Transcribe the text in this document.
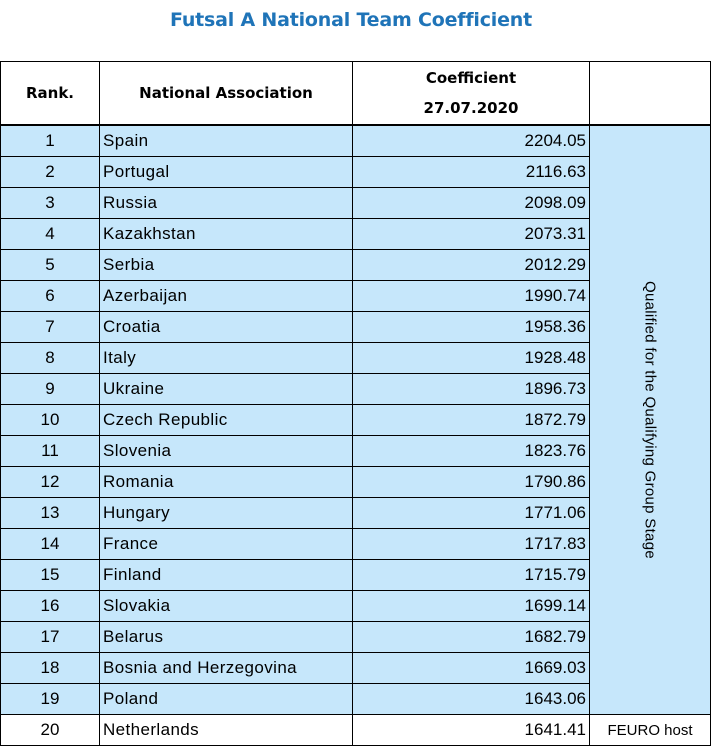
Futsal A National Team Coefficient
Rank.	National Association	Coefficient
27.07.2020	

1	Spain	2204.05	Qualified for the Qualifying Group Stage

2	Portugal	2116.63	
3	Russia	2098.09	
4	Kazakhstan	2073.31	
5	Serbia	2012.29	
6	Azerbaijan	1990.74	
7	Croatia	1958.36	
8	Italy	1928.48	
9	Ukraine	1896.73	
10	Czech Republic	1872.79	
11	Slovenia	1823.76	
12	Romania	1790.86	
13	Hungary	1771.06	
14	France	1717.83	
15	Finland	1715.79	
16	Slovakia	1699.14	
17	Belarus	1682.79	
18	Bosnia and Herzegovina	1669.03	
19	Poland	1643.06	
20	Netherlands	1641.41	FEURO host
